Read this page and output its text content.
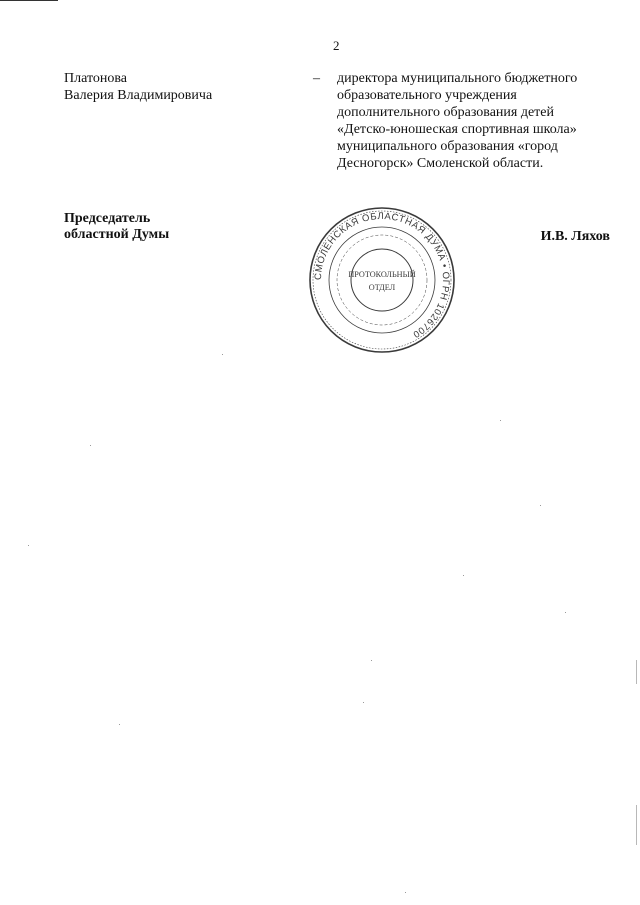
2
Платонова
Валерия Владимировича
– директора муниципального бюджетного
образовательного учреждения
дополнительного образования детей
«Детско-юношеская спортивная школа»
муниципального образования «город
Десногорск» Смоленской области.
Председатель
областной Думы	И.В. Ляхов
СМОЛЕНСКАЯ ОБЛАСТНАЯ ДУМА • ОГРН 1026700
ПРОТОКОЛЬНЫЙ
ОТДЕЛ
